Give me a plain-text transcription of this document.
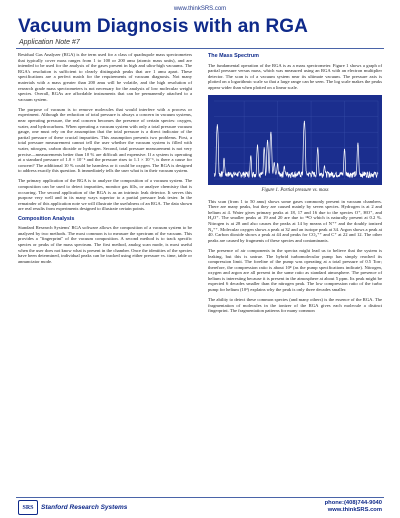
www.thinkSRS.com
Vacuum Diagnosis with an RGA
Application Note #7

Residual Gas Analyzer (RGA) is the term used for a class of quadrupole mass spectrometers that typically cover mass ranges from 1 to 100 or 200 amu (atomic mass units), and are intended to be used for the analysis of the gases present in high and ultra-high vacuums. The RGA's resolution is sufficient to clearly distinguish peaks that are 1 amu apart. These specifications are a perfect match for the requirements of vacuum diagnosis. Not many materials with a mass greater than 200 amu will be volatile, and the high resolution of research grade mass spectrometers is not necessary for the analysis of low molecular weight species. Overall, RGAs are affordable instruments that can be permanently attached to a vacuum system.

The purpose of vacuum is to remove molecules that would interfere with a process or experiment. Although the reduction of total pressure is always a concern in vacuum systems, near operating pressure, the real concern becomes the presence of certain species: oxygen, water, and hydrocarbons. When operating a vacuum system with only a total pressure vacuum gauge, one must rely on the assumption that the total pressure is a direct indicator of the partial pressure of these crucial impurities. This assumption presents two problems. First, a total pressure measurement cannot tell the user whether the vacuum system is filled with water, nitrogen, carbon dioxide or hydrogen. Second, total pressure measurement is not very precise—measurements better than 10 % are difficult and expensive. If a system is operating at a standard pressure of 1.0 × 10⁻⁶ and the pressure rises to 1.1 × 10⁻⁶, is there a cause for concern? The additional 10 % could be harmless or it could be oxygen. The RGA is designed to address exactly this question. It immediately tells the user what is in their vacuum system.

The primary application of the RGA is to analyze the composition of a vacuum system. The composition can be used to detect impurities, monitor gas fills, or analyze chemistry that is occurring. The second application of the RGA is as an intrinsic leak detector. It serves this purpose very well and in its many ways superior to a partial pressure leak tester. In the remainder of this application note we will illustrate the usefulness of an RGA. The data shown are real results from experiments designed to illustrate certain points.

Composition Analysis

Standard Research Systems' RGA software allows the composition of a vacuum system to be analyzed by two methods. The most common is to measure the spectrum of the vacuum. This provides a "fingerprint" of the vacuum composition. A second method is to track specific species or peaks of the mass spectrum. The first method, analog scan mode, is most useful when the user does not know what is present in the chamber. Once the identities of the species have been determined, individual peaks can be tracked using either pressure vs. time, table or annunciator mode.

The Mass Spectrum

The fundamental operation of the RGA is as a mass spectrometer. Figure 1 shows a graph of partial pressure versus mass, which was measured using an RGA with an electron multiplier detector. The scan is of a vacuum system near its ultimate vacuum. The pressure axis is plotted on a logarithmic scale so that a large range can be seen. The log scale makes the peaks appear wider than when plotted on a linear scale.

Figure 1. Partial pressure vs. mass

This scan (from 1 to 50 amu) shows some gases commonly present in vacuum chambers. There are many peaks, but they are caused mainly by seven species. Hydrogen is at 2 and helium at 4. Water gives primary peaks at 18, 17 and 16 due to the species O⁺, HO⁺, and H₂O⁺. The smaller peaks at 19 and 20 are due to ¹⁸O which is naturally present at 0.2 %. Nitrogen is at 28 and also causes the peaks at 14 by means of N⁺⁺ and the doubly ionized N₂⁺⁺. Molecular oxygen shows a peak at 32 and an isotope peak at 34. Argon shows a peak at 40. Carbon dioxide shows a peak at 44 and peaks for CO₂⁺⁺ and C⁺ at 22 and 12. The other peaks are caused by fragments of these species and contaminants.

The presence of air components in the spectra might lead us to believe that the system is leaking, but this is untrue. The hybrid turbomolecular pump has simply reached its compression limit. The foreline of the pump was operating at a total pressure of 0.5 Torr; therefore, the compression ratio is about 10⁸ (as the pump specifications indicate). Nitrogen, oxygen and argon are all present in the same ratio as standard atmosphere. The presence of helium is interesting because it is present in the atmosphere at about 5 ppm. Its peak might be expected 6 decades smaller than the nitrogen peak. The low compression ratio of the turbo pump for helium (10³) explains why the peak is only three decades smaller.

The ability to detect these common species (and many others) is the essence of the RGA. The fragmentation of molecules in the ionizer of the RGA gives each molecule a distinct fingerprint. The fragmentation patterns for many common

SRS	Stanford Research Systems
phone:(408)744-9040
www.thinkSRS.com
